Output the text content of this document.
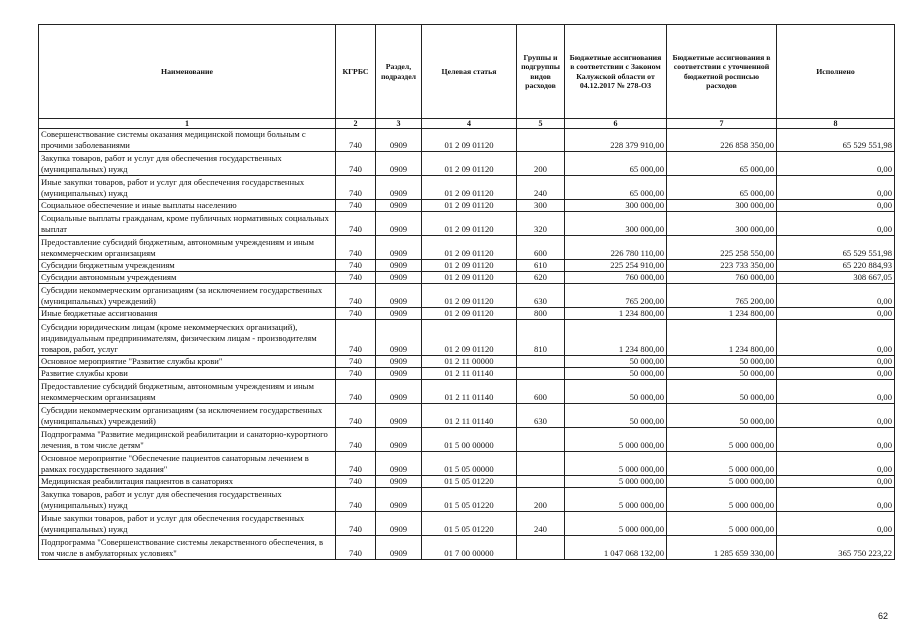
Наименование	КГРБС	Раздел, подраздел	Целевая статья	Группы и подгруппы видов расходов	Бюджетные ассигнования в соответствии с Законом Калужской области от 04.12.2017 № 278-ОЗ	Бюджетные ассигнования в соответствии с уточненной бюджетной росписью расходов	Исполнено
1	2	3	4	5	6	7	8
Совершенствование системы оказания медицинской помощи больным с прочими заболеваниями	740	0909	01 2 09 01120		228 379 910,00	226 858 350,00	65 529 551,98
Закупка товаров, работ и услуг для обеспечения государственных (муниципальных) нужд	740	0909	01 2 09 01120	200	65 000,00	65 000,00	0,00
Иные закупки товаров, работ и услуг для обеспечения государственных (муниципальных) нужд	740	0909	01 2 09 01120	240	65 000,00	65 000,00	0,00
Социальное обеспечение и иные выплаты населению	740	0909	01 2 09 01120	300	300 000,00	300 000,00	0,00
Социальные выплаты гражданам, кроме публичных нормативных социальных выплат	740	0909	01 2 09 01120	320	300 000,00	300 000,00	0,00
Предоставление субсидий бюджетным, автономным учреждениям и иным некоммерческим организациям	740	0909	01 2 09 01120	600	226 780 110,00	225 258 550,00	65 529 551,98
Субсидии бюджетным учреждениям	740	0909	01 2 09 01120	610	225 254 910,00	223 733 350,00	65 220 884,93
Субсидии автономным учреждениям	740	0909	01 2 09 01120	620	760 000,00	760 000,00	308 667,05
Субсидии некоммерческим организациям (за исключением государственных (муниципальных) учреждений)	740	0909	01 2 09 01120	630	765 200,00	765 200,00	0,00
Иные бюджетные ассигнования	740	0909	01 2 09 01120	800	1 234 800,00	1 234 800,00	0,00
Субсидии юридическим лицам (кроме некоммерческих организаций), индивидуальным предпринимателям, физическим лицам - производителям товаров, работ, услуг	740	0909	01 2 09 01120	810	1 234 800,00	1 234 800,00	0,00
Основное мероприятие "Развитие службы крови"	740	0909	01 2 11 00000		50 000,00	50 000,00	0,00
Развитие службы крови	740	0909	01 2 11 01140		50 000,00	50 000,00	0,00
Предоставление субсидий бюджетным, автономным учреждениям и иным некоммерческим организациям	740	0909	01 2 11 01140	600	50 000,00	50 000,00	0,00
Субсидии некоммерческим организациям (за исключением государственных (муниципальных) учреждений)	740	0909	01 2 11 01140	630	50 000,00	50 000,00	0,00
Подпрограмма "Развитие медицинской реабилитации и санаторно-курортного лечения, в том числе детям"	740	0909	01 5 00 00000		5 000 000,00	5 000 000,00	0,00
Основное мероприятие "Обеспечение пациентов санаторным лечением в рамках государственного задания"	740	0909	01 5 05 00000		5 000 000,00	5 000 000,00	0,00
Медицинская реабилитация пациентов в санаториях	740	0909	01 5 05 01220		5 000 000,00	5 000 000,00	0,00
Закупка товаров, работ и услуг для обеспечения государственных (муниципальных) нужд	740	0909	01 5 05 01220	200	5 000 000,00	5 000 000,00	0,00
Иные закупки товаров, работ и услуг для обеспечения государственных (муниципальных) нужд	740	0909	01 5 05 01220	240	5 000 000,00	5 000 000,00	0,00
Подпрограмма "Совершенствование системы лекарственного обеспечения, в том числе в амбулаторных условиях"	740	0909	01 7 00 00000		1 047 068 132,00	1 285 659 330,00	365 750 223,22
62
